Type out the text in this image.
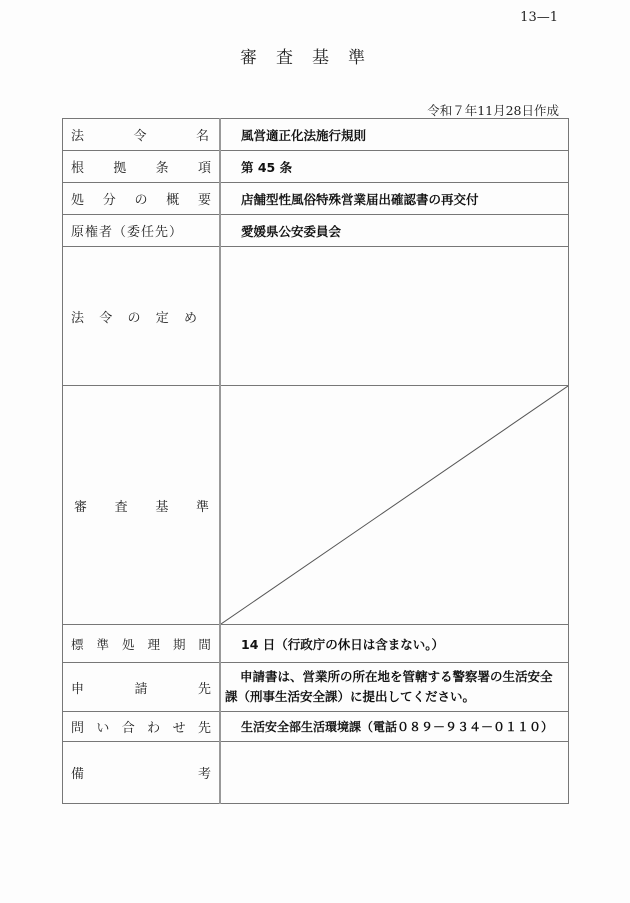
13—1
審 査 基 準
令和７年11月28日作成
法 令 名	風営適正化法施行規則

根 拠 条 項	第 45 条

処 分 の 概 要	店舗型性風俗特殊営業届出確認書の再交付
原権者（委任先）	愛媛県公安委員会

法 令 の 定 め	

審 査 基 準

標 準 処 理 期 間	14 日（行政庁の休日は含まない。）

申 請 先	申請書は、営業所の所在地を管轄する警察署の生活安全課（刑事生活安全課）に提出してください。

問 い 合 わ せ 先	生活安全部生活環境課（電話０８９－９３４－０１１０）

備 考	
